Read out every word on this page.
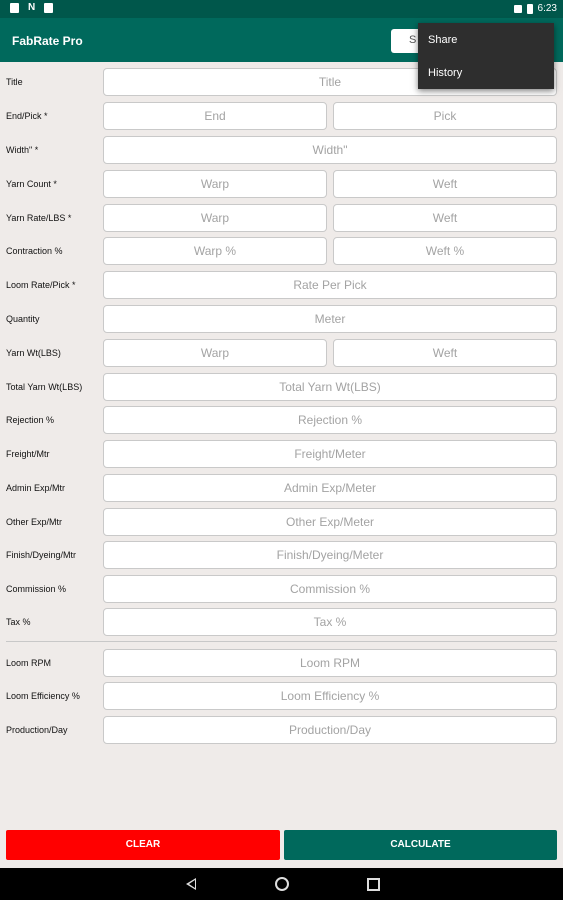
N	6:23
FabRate Pro	S	Share
History
Title	Title
End/Pick *	End	Pick
Width" *	Width"
Yarn Count *	Warp	Weft
Yarn Rate/LBS *	Warp	Weft
Contraction %	Warp %	Weft %
Loom Rate/Pick *	Rate Per Pick
Quantity	Meter
Yarn Wt(LBS)	Warp	Weft
Total Yarn Wt(LBS)	Total Yarn Wt(LBS)
Rejection %	Rejection %
Freight/Mtr	Freight/Meter
Admin Exp/Mtr	Admin Exp/Meter
Other Exp/Mtr	Other Exp/Meter
Finish/Dyeing/Mtr	Finish/Dyeing/Meter
Commission %	Commission %
Tax %	Tax %
Loom RPM	Loom RPM
Loom Efficiency %	Loom Efficiency %
Production/Day	Production/Day
CLEAR	CALCULATE
